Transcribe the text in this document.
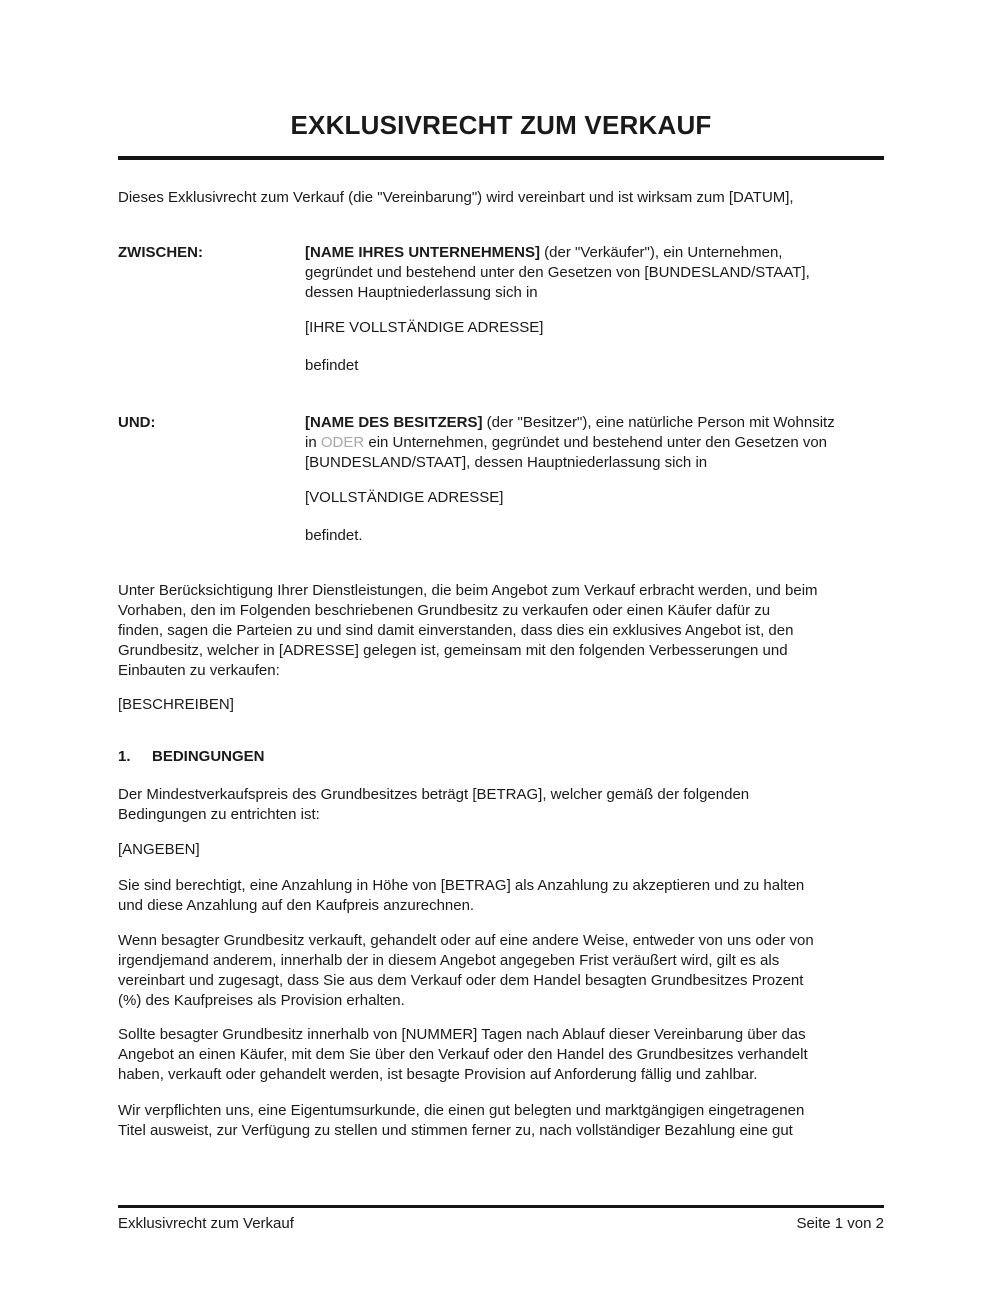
EXKLUSIVRECHT ZUM VERKAUF
Dieses Exklusivrecht zum Verkauf (die "Vereinbarung") wird vereinbart und ist wirksam zum [DATUM],
ZWISCHEN:	[NAME IHRES UNTERNEHMENS] (der "Verkäufer"), ein Unternehmen,
gegründet und bestehend unter den Gesetzen von [BUNDESLAND/STAAT],
dessen Hauptniederlassung sich in
[IHRE VOLLSTÄNDIGE ADRESSE]
befindet
UND:	[NAME DES BESITZERS] (der "Besitzer"), eine natürliche Person mit Wohnsitz
in ODER ein Unternehmen, gegründet und bestehend unter den Gesetzen von
[BUNDESLAND/STAAT], dessen Hauptniederlassung sich in
[VOLLSTÄNDIGE ADRESSE]
befindet.
Unter Berücksichtigung Ihrer Dienstleistungen, die beim Angebot zum Verkauf erbracht werden, und beim
Vorhaben, den im Folgenden beschriebenen Grundbesitz zu verkaufen oder einen Käufer dafür zu
finden, sagen die Parteien zu und sind damit einverstanden, dass dies ein exklusives Angebot ist, den
Grundbesitz, welcher in [ADRESSE] gelegen ist, gemeinsam mit den folgenden Verbesserungen und
Einbauten zu verkaufen:
[BESCHREIBEN]
1. BEDINGUNGEN
Der Mindestverkaufspreis des Grundbesitzes beträgt [BETRAG], welcher gemäß der folgenden
Bedingungen zu entrichten ist:
[ANGEBEN]
Sie sind berechtigt, eine Anzahlung in Höhe von [BETRAG] als Anzahlung zu akzeptieren und zu halten
und diese Anzahlung auf den Kaufpreis anzurechnen.
Wenn besagter Grundbesitz verkauft, gehandelt oder auf eine andere Weise, entweder von uns oder von
irgendjemand anderem, innerhalb der in diesem Angebot angegeben Frist veräußert wird, gilt es als
vereinbart und zugesagt, dass Sie aus dem Verkauf oder dem Handel besagten Grundbesitzes Prozent
(%) des Kaufpreises als Provision erhalten.
Sollte besagter Grundbesitz innerhalb von [NUMMER] Tagen nach Ablauf dieser Vereinbarung über das
Angebot an einen Käufer, mit dem Sie über den Verkauf oder den Handel des Grundbesitzes verhandelt
haben, verkauft oder gehandelt werden, ist besagte Provision auf Anforderung fällig und zahlbar.
Wir verpflichten uns, eine Eigentumsurkunde, die einen gut belegten und marktgängigen eingetragenen
Titel ausweist, zur Verfügung zu stellen und stimmen ferner zu, nach vollständiger Bezahlung eine gut
Exklusivrecht zum Verkauf	Seite 1 von 2
